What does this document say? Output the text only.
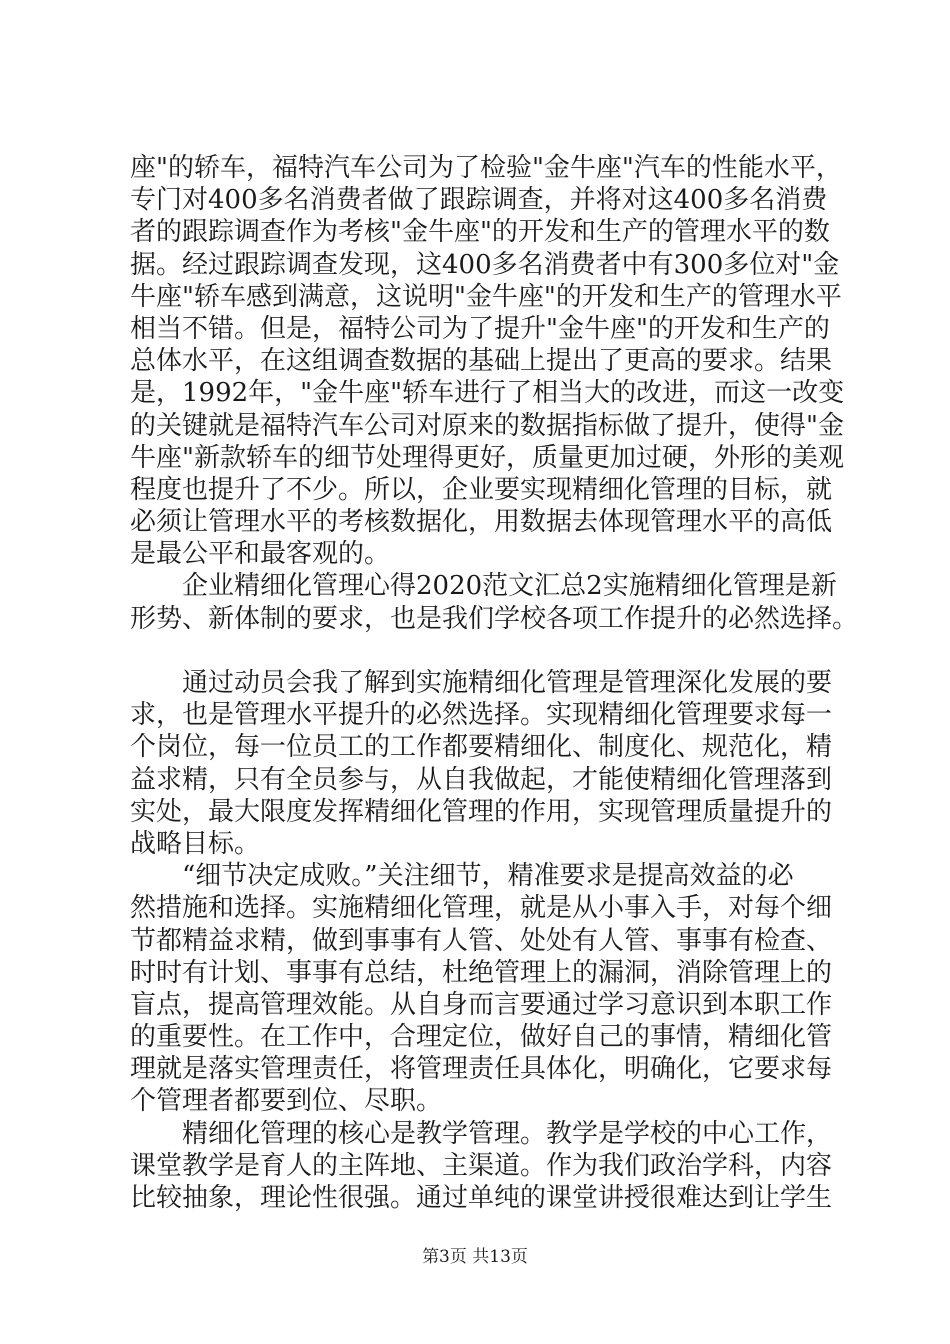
座"的轿车，福特汽车公司为了检验"金牛座"汽车的性能水平，
专门对400多名消费者做了跟踪调查，并将对这400多名消费
者的跟踪调查作为考核"金牛座"的开发和生产的管理水平的数
据。经过跟踪调查发现，这400多名消费者中有300多位对"金
牛座"轿车感到满意，这说明"金牛座"的开发和生产的管理水平
相当不错。但是，福特公司为了提升"金牛座"的开发和生产的
总体水平，在这组调查数据的基础上提出了更高的要求。结果
是，1992年，"金牛座"轿车进行了相当大的改进，而这一改变
的关键就是福特汽车公司对原来的数据指标做了提升，使得"金
牛座"新款轿车的细节处理得更好，质量更加过硬，外形的美观
程度也提升了不少。所以，企业要实现精细化管理的目标，就
必须让管理水平的考核数据化，用数据去体现管理水平的高低
是最公平和最客观的。
企业精细化管理心得2020范文汇总2实施精细化管理是新
形势、新体制的要求，也是我们学校各项工作提升的必然选择。
通过动员会我了解到实施精细化管理是管理深化发展的要
求，也是管理水平提升的必然选择。实现精细化管理要求每一
个岗位，每一位员工的工作都要精细化、制度化、规范化，精
益求精，只有全员参与，从自我做起，才能使精细化管理落到
实处，最大限度发挥精细化管理的作用，实现管理质量提升的
战略目标。
“细节决定成败。”关注细节，精准要求是提高效益的必
然措施和选择。实施精细化管理，就是从小事入手，对每个细
节都精益求精，做到事事有人管、处处有人管、事事有检查、
时时有计划、事事有总结，杜绝管理上的漏洞，消除管理上的
盲点，提高管理效能。从自身而言要通过学习意识到本职工作
的重要性。在工作中，合理定位，做好自己的事情，精细化管
理就是落实管理责任，将管理责任具体化，明确化，它要求每
个管理者都要到位、尽职。
精细化管理的核心是教学管理。教学是学校的中心工作，
课堂教学是育人的主阵地、主渠道。作为我们政治学科，内容
比较抽象，理论性很强。通过单纯的课堂讲授很难达到让学生
第3页 共13页
